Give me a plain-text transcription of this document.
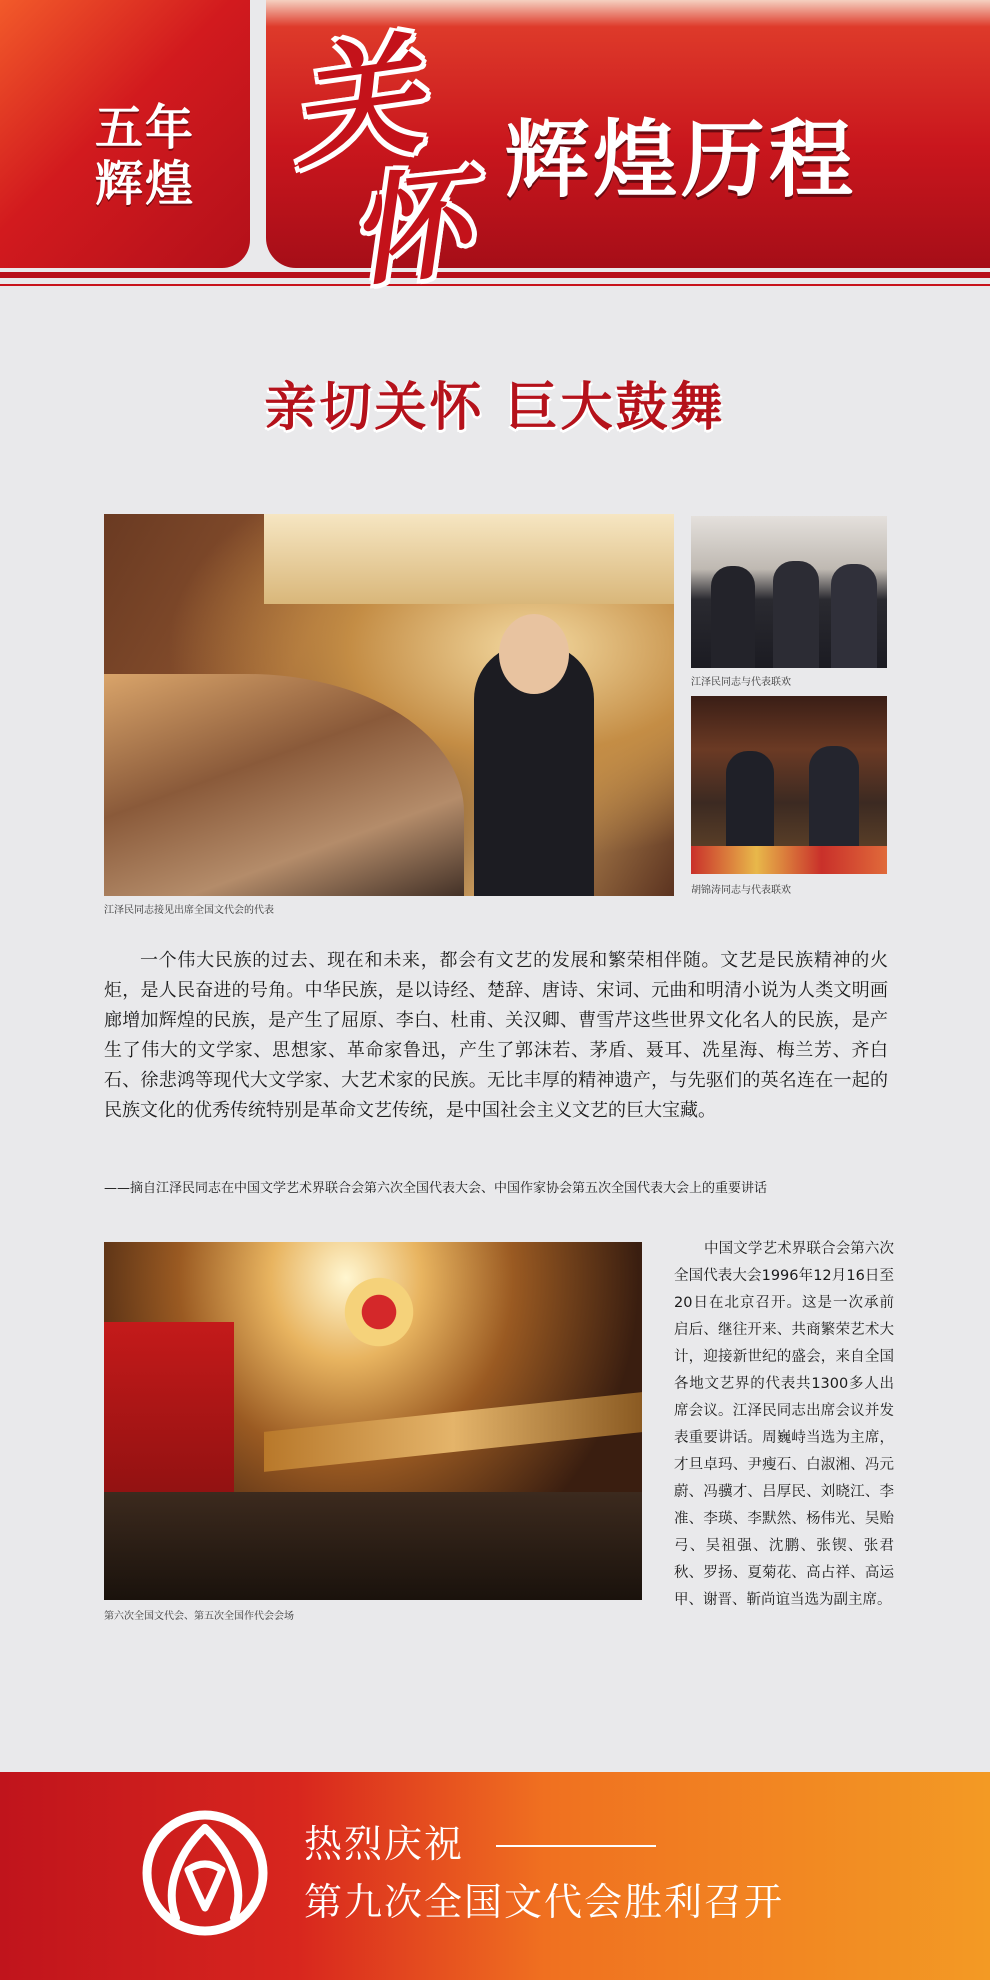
五年
辉煌 关
怀 辉煌历程
亲切关怀 巨大鼓舞
江泽民同志接见出席全国文代会的代表
江泽民同志与代表联欢
胡锦涛同志与代表联欢
一个伟大民族的过去、现在和未来，都会有文艺的发展和繁荣相伴随。文艺是民族精神的火炬，是人民奋进的号角。中华民族，是以诗经、楚辞、唐诗、宋词、元曲和明清小说为人类文明画廊增加辉煌的民族，是产生了屈原、李白、杜甫、关汉卿、曹雪芹这些世界文化名人的民族，是产生了伟大的文学家、思想家、革命家鲁迅，产生了郭沫若、茅盾、聂耳、冼星海、梅兰芳、齐白石、徐悲鸿等现代大文学家、大艺术家的民族。无比丰厚的精神遗产，与先驱们的英名连在一起的民族文化的优秀传统特别是革命文艺传统，是中国社会主义文艺的巨大宝藏。
——摘自江泽民同志在中国文学艺术界联合会第六次全国代表大会、中国作家协会第五次全国代表大会上的重要讲话
第六次全国文代会、第五次全国作代会会场
中国文学艺术界联合会第六次全国代表大会1996年12月16日至20日在北京召开。这是一次承前启后、继往开来、共商繁荣艺术大计，迎接新世纪的盛会，来自全国各地文艺界的代表共1300多人出席会议。江泽民同志出席会议并发表重要讲话。周巍峙当选为主席，才旦卓玛、尹瘦石、白淑湘、冯元蔚、冯骥才、吕厚民、刘晓江、李准、李瑛、李默然、杨伟光、吴贻弓、吴祖强、沈鹏、张锲、张君秋、罗扬、夏菊花、高占祥、高运甲、谢晋、靳尚谊当选为副主席。
热烈庆祝
第九次全国文代会胜利召开
